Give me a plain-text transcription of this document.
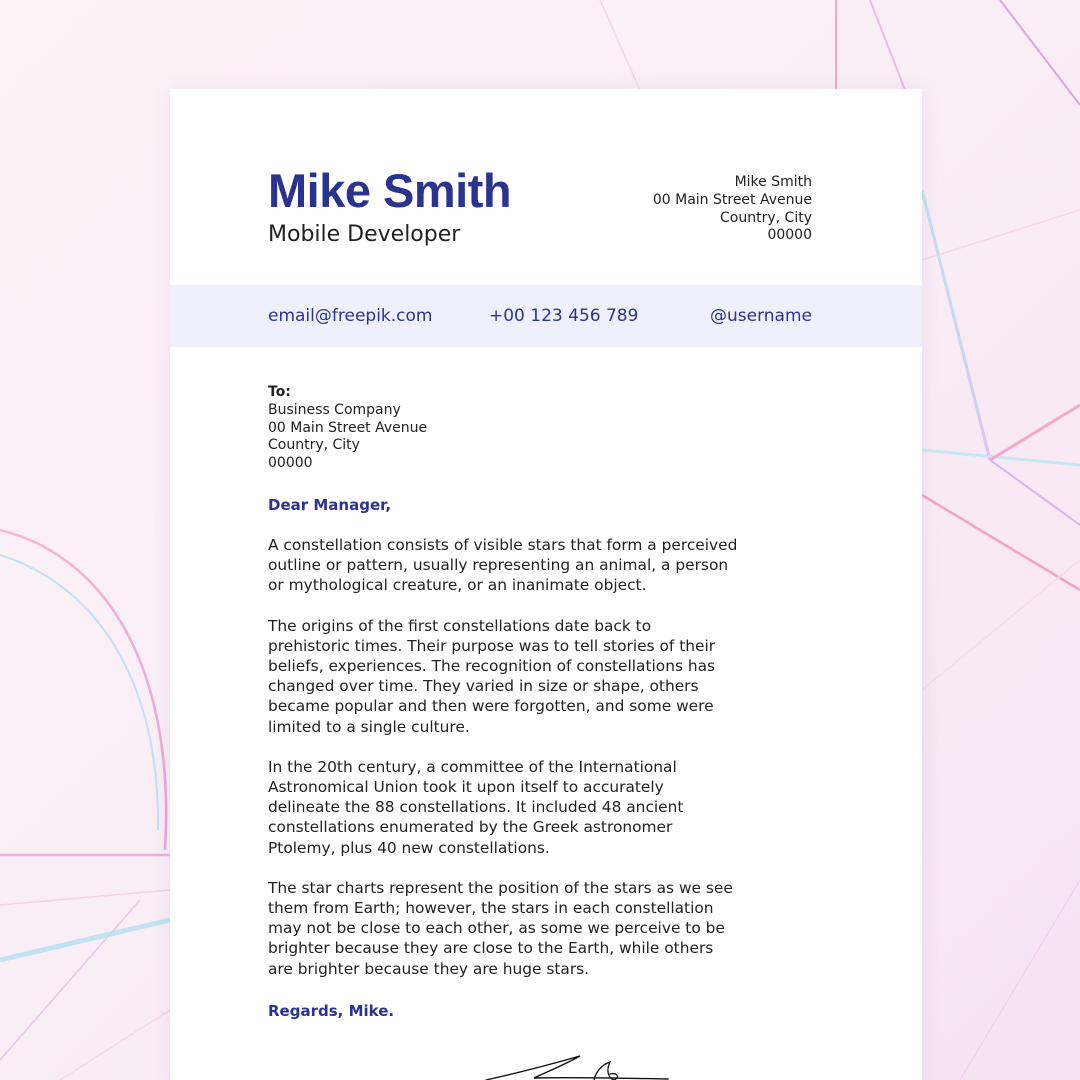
Mike Smith
Mobile Developer
Mike Smith
00 Main Street Avenue
Country, City
00000
email@freepik.com	+00 123 456 789	@username
To:
Business Company
00 Main Street Avenue
Country, City
00000
Dear Manager,

A constellation consists of visible stars that form a perceived
outline or pattern, usually representing an animal, a person
or mythological creature, or an inanimate object.

The origins of the first constellations date back to
prehistoric times. Their purpose was to tell stories of their
beliefs, experiences. The recognition of constellations has
changed over time. They varied in size or shape, others
became popular and then were forgotten, and some were
limited to a single culture.

In the 20th century, a committee of the International
Astronomical Union took it upon itself to accurately
delineate the 88 constellations. It included 48 ancient
constellations enumerated by the Greek astronomer
Ptolemy, plus 40 new constellations.

The star charts represent the position of the stars as we see
them from Earth; however, the stars in each constellation
may not be close to each other, as some we perceive to be
brighter because they are close to the Earth, while others
are brighter because they are huge stars.

Regards, Mike.
